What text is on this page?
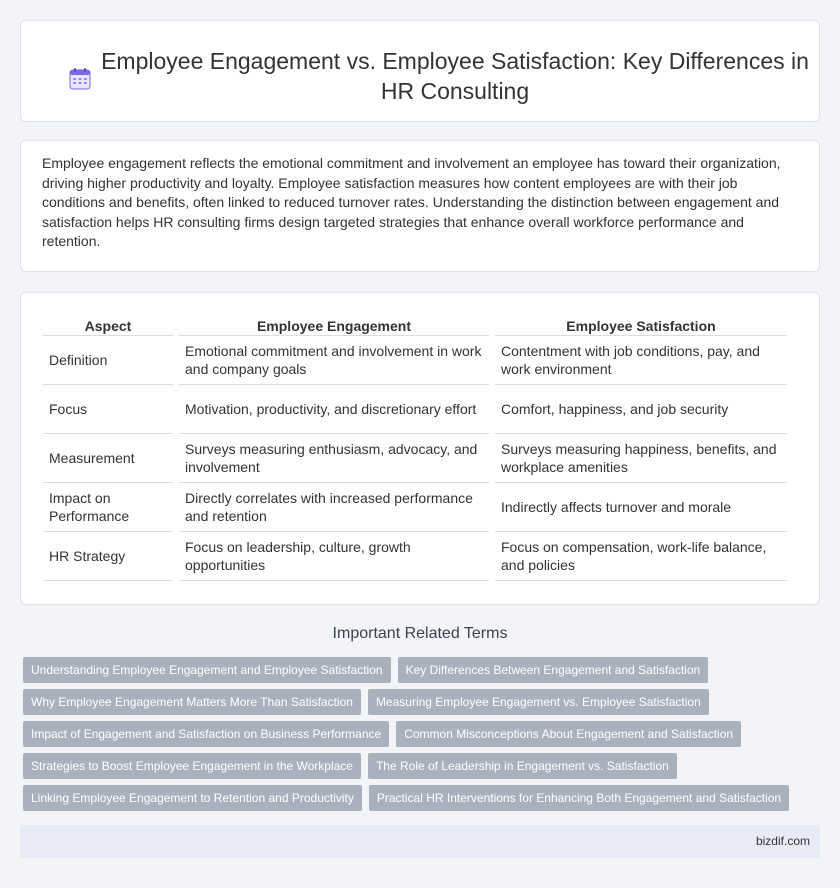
Employee Engagement vs. Employee Satisfaction: Key Differences in HR Consulting

Employee engagement reflects the emotional commitment and involvement an employee has toward their organization, driving higher productivity and loyalty. Employee satisfaction measures how content employees are with their job conditions and benefits, often linked to reduced turnover rates. Understanding the distinction between engagement and satisfaction helps HR consulting firms design targeted strategies that enhance overall workforce performance and retention.

Aspect	Employee Engagement	Employee Satisfaction
Definition	Emotional commitment and involvement in work and company goals	Contentment with job conditions, pay, and work environment
Focus	Motivation, productivity, and discretionary effort	Comfort, happiness, and job security
Measurement	Surveys measuring enthusiasm, advocacy, and involvement	Surveys measuring happiness, benefits, and workplace amenities
Impact on Performance	Directly correlates with increased performance and retention	Indirectly affects turnover and morale
HR Strategy	Focus on leadership, culture, growth opportunities	Focus on compensation, work-life balance, and policies
Important Related Terms
Understanding Employee Engagement and Employee Satisfaction	Key Differences Between Engagement and Satisfaction
Why Employee Engagement Matters More Than Satisfaction	Measuring Employee Engagement vs. Employee Satisfaction
Impact of Engagement and Satisfaction on Business Performance	Common Misconceptions About Engagement and Satisfaction
Strategies to Boost Employee Engagement in the Workplace	The Role of Leadership in Engagement vs. Satisfaction
Linking Employee Engagement to Retention and Productivity	Practical HR Interventions for Enhancing Both Engagement and Satisfaction
bizdif.com
